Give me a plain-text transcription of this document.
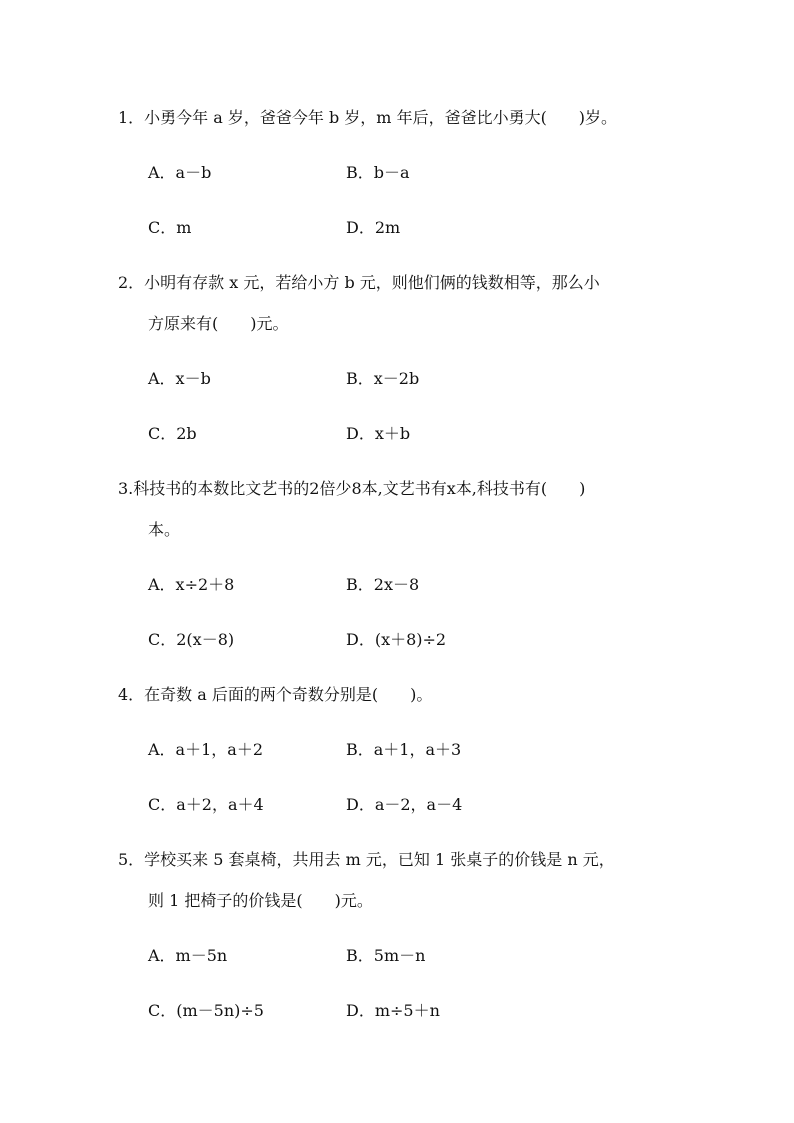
1．小勇今年 a 岁，爸爸今年 b 岁，m 年后，爸爸比小勇大(　　)岁。
A．a－b	B．b－a
C．m	D．2m
2．小明有存款 x 元，若给小方 b 元，则他们俩的钱数相等，那么小
方原来有(　　)元。
A．x－b	B．x－2b
C．2b	D．x＋b
3.科技书的本数比文艺书的2倍少8本,文艺书有x本,科技书有(　　)
本。
A．x÷2＋8	B．2x－8
C．2(x－8)	D．(x＋8)÷2
4．在奇数 a 后面的两个奇数分别是(　　)。
A．a＋1，a＋2	B．a＋1，a＋3
C．a＋2，a＋4	D．a－2，a－4
5．学校买来 5 套桌椅，共用去 m 元，已知 1 张桌子的价钱是 n 元，
则 1 把椅子的价钱是(　　)元。
A．m－5n	B．5m－n
C．(m－5n)÷5	D．m÷5＋n
